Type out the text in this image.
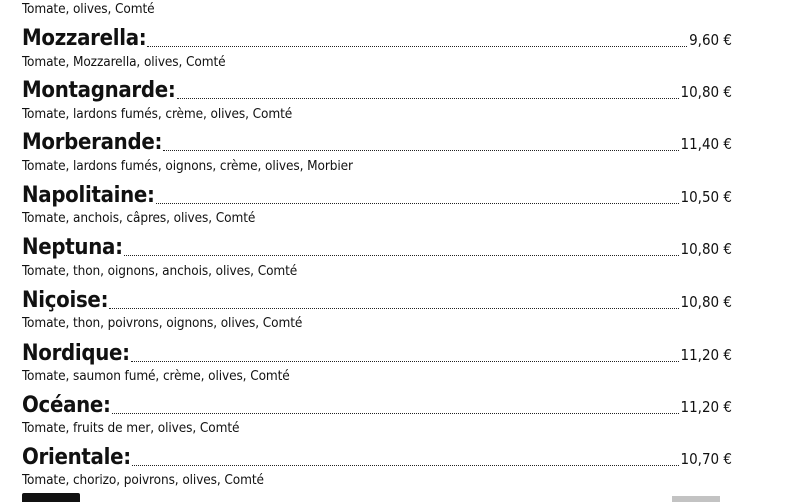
Tomate, olives, Comté
Mozzarella:	9,60 €
Tomate, Mozzarella, olives, Comté
Montagnarde:	10,80 €
Tomate, lardons fumés, crème, olives, Comté
Morberande:	11,40 €
Tomate, lardons fumés, oignons, crème, olives, Morbier
Napolitaine:	10,50 €
Tomate, anchois, câpres, olives, Comté
Neptuna:	10,80 €
Tomate, thon, oignons, anchois, olives, Comté
Niçoise:	10,80 €
Tomate, thon, poivrons, oignons, olives, Comté
Nordique:	11,20 €
Tomate, saumon fumé, crème, olives, Comté
Océane:	11,20 €
Tomate, fruits de mer, olives, Comté
Orientale:	10,70 €
Tomate, chorizo, poivrons, olives, Comté
